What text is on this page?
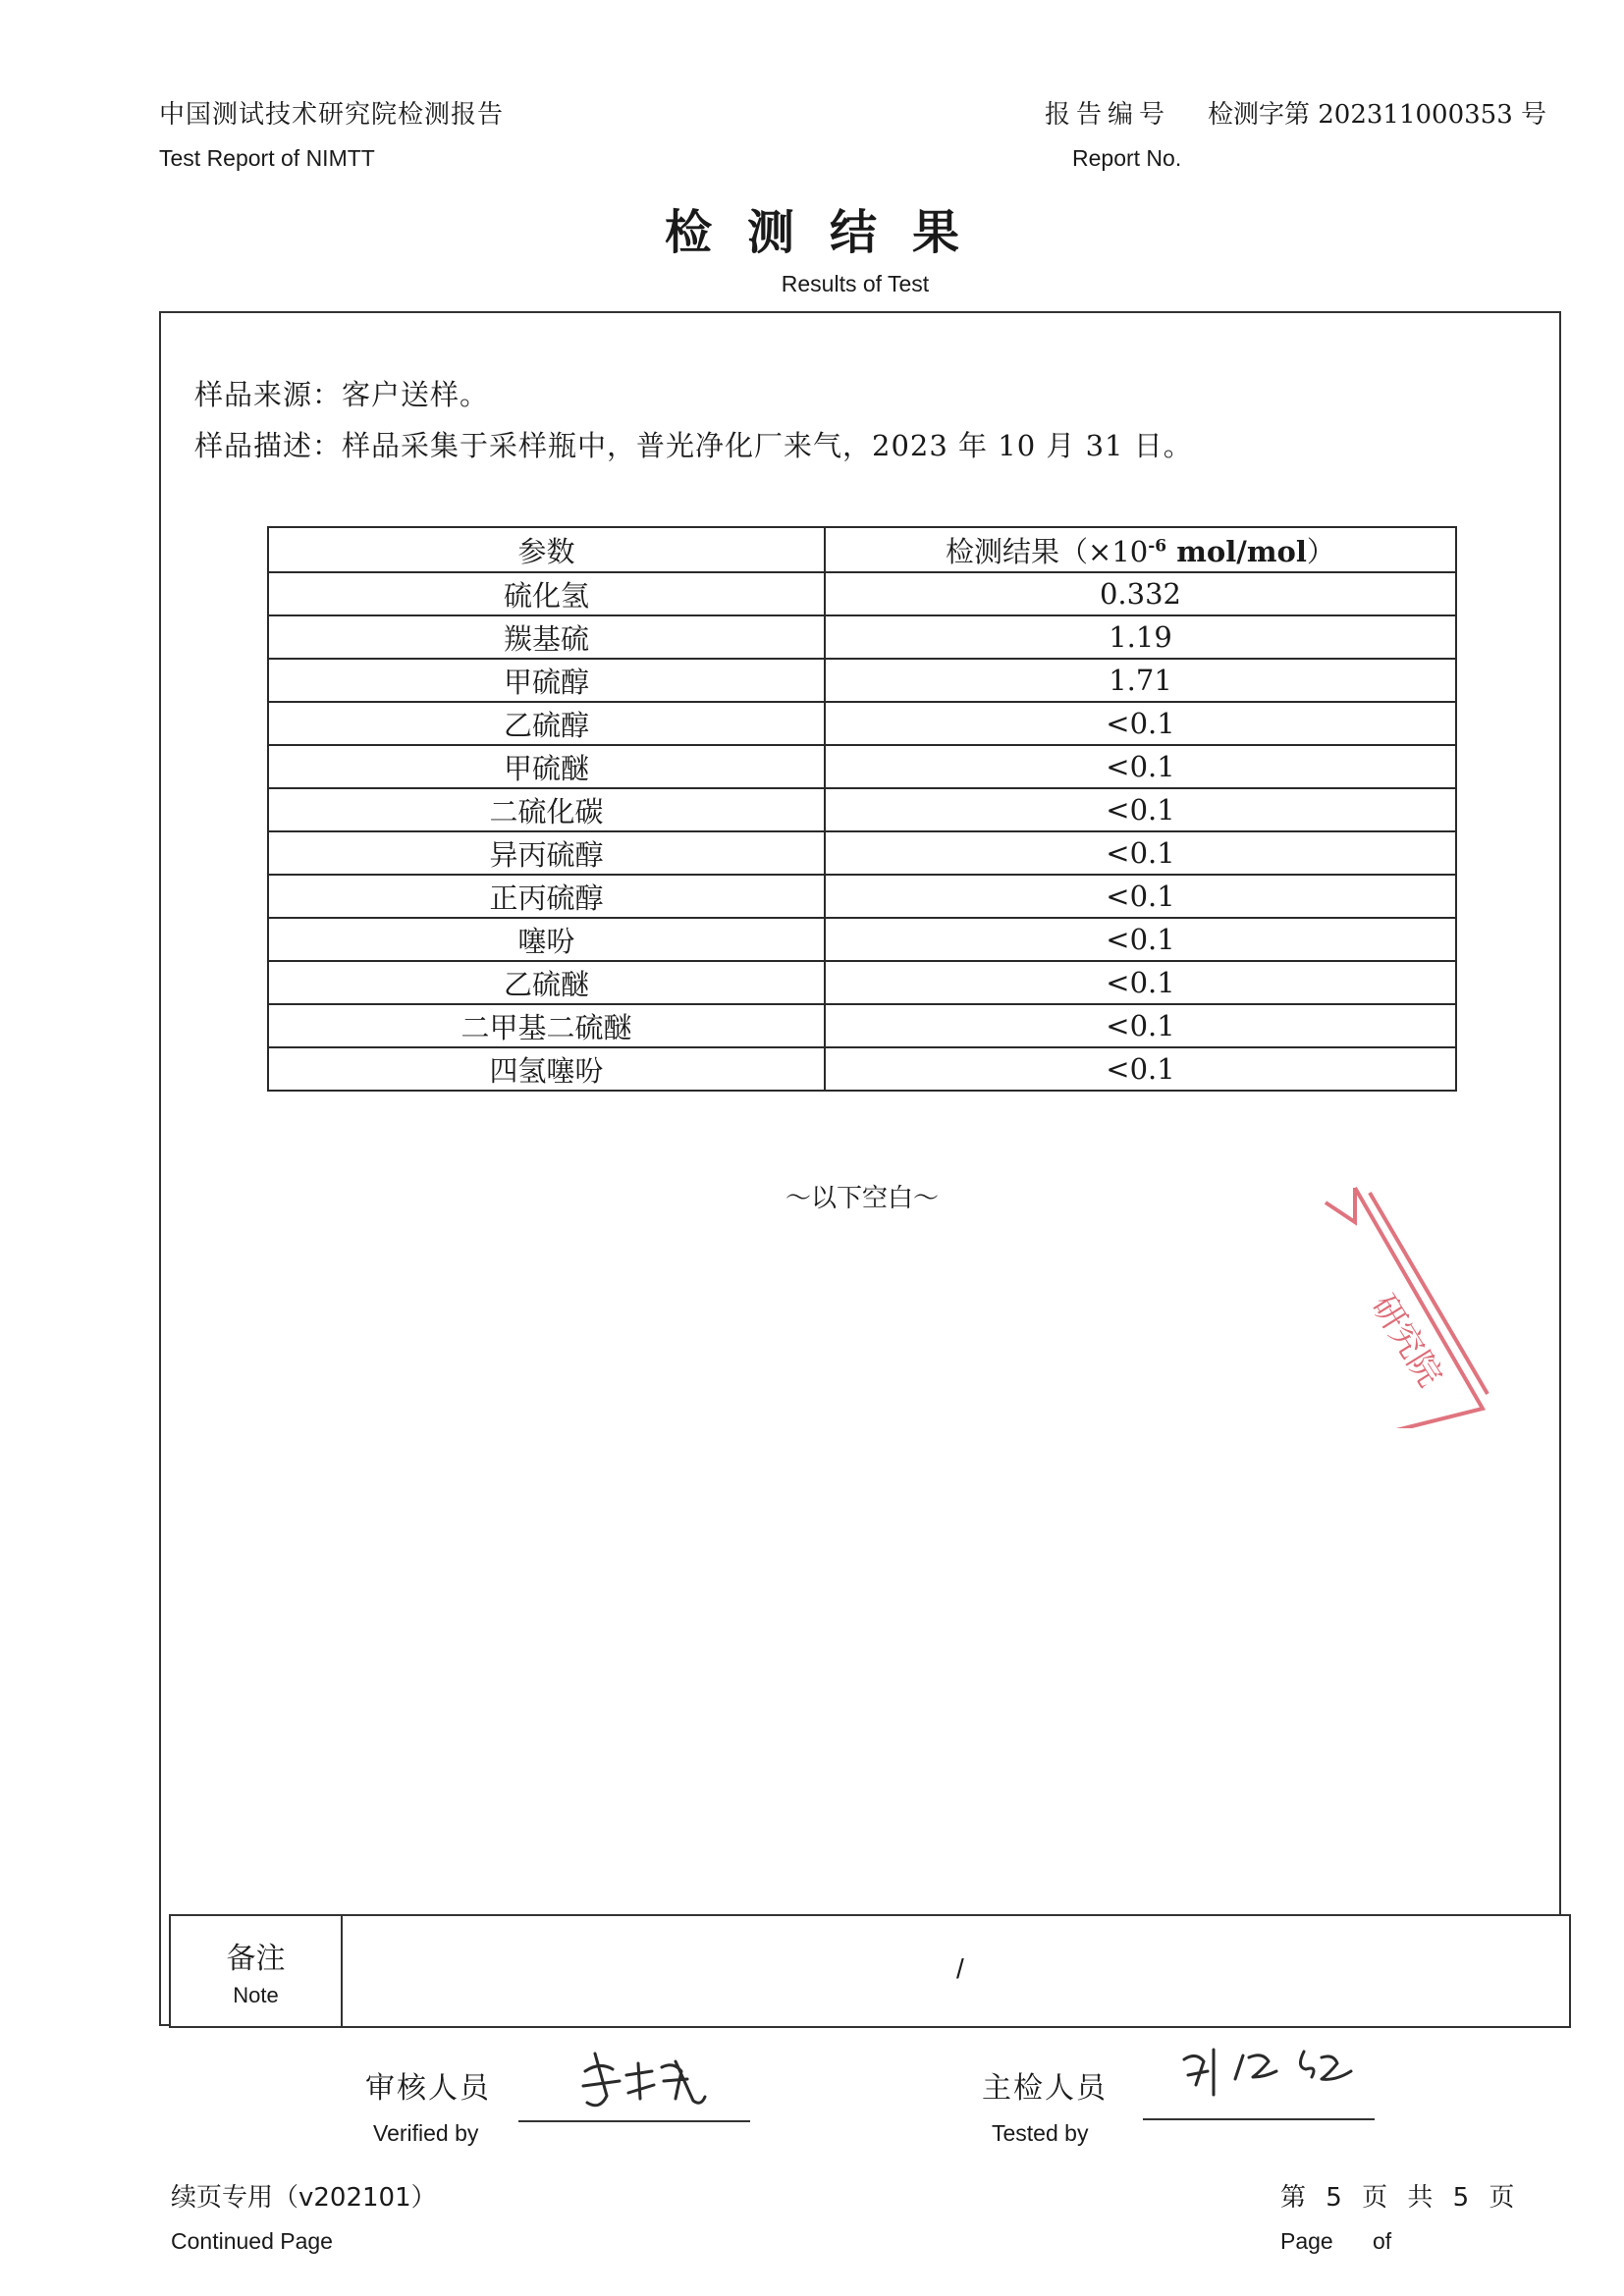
中国测试技术研究院检测报告
Test Report of NIMTT
报告编号 检测字第 202311000353 号
Report No.
检测结果
Results of Test
样品来源：客户送样。
样品描述：样品采集于采样瓶中，普光净化厂来气，2023 年 10 月 31 日。
参数	检测结果（$\times 10^{-6}$ mol/mol）
硫化氢	0.332
羰基硫	1.19
甲硫醇	1.71
乙硫醇	<0.1
甲硫醚	<0.1
二硫化碳	<0.1
异丙硫醇	<0.1
正丙硫醇	<0.1
噻吩	<0.1
乙硫醚	<0.1
二甲基二硫醚	<0.1
四氢噻吩	<0.1
～以下空白～
研究院
备注
Note
/
审核人员
Verified by
主检人员
Tested by
续页专用（v202101）
Continued Page
第 5 页 共 5 页
Page of
